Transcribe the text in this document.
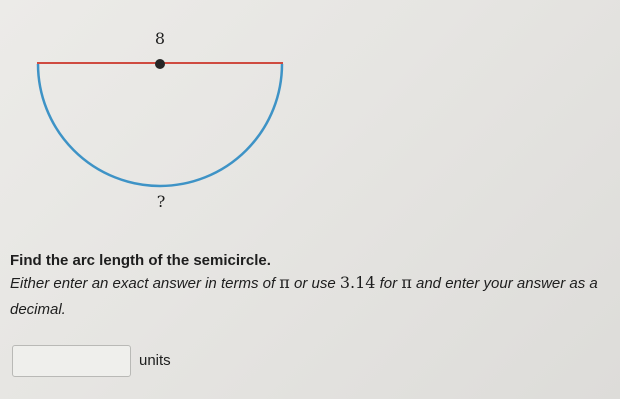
8
?

Find the arc length of the semicircle.

Either enter an exact answer in terms of π or use 3.14 for π and enter your answer as a decimal.

units
